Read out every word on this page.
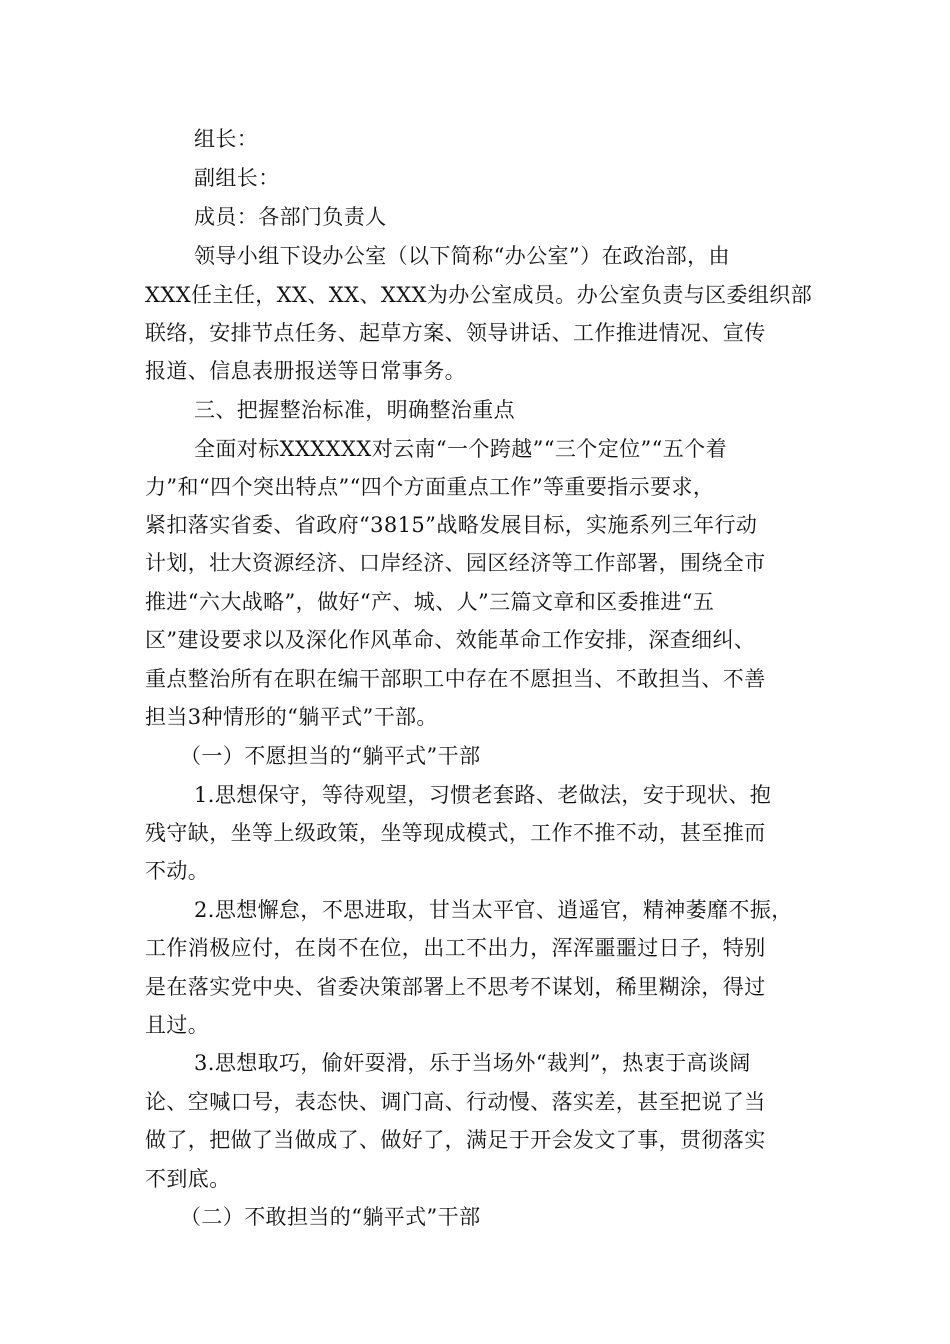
组长：
副组长：
成员：各部门负责人
领导小组下设办公室（以下简称“办公室”）在政治部，由
XXX任主任，XX、XX、XXX为办公室成员。办公室负责与区委组织部
联络，安排节点任务、起草方案、领导讲话、工作推进情况、宣传
报道、信息表册报送等日常事务。
三、把握整治标准，明确整治重点
全面对标XXXXXX对云南“一个跨越”“三个定位”“五个着
力”和“四个突出特点”“四个方面重点工作”等重要指示要求，
紧扣落实省委、省政府“3815”战略发展目标，实施系列三年行动
计划，壮大资源经济、口岸经济、园区经济等工作部署，围绕全市
推进“六大战略”，做好“产、城、人”三篇文章和区委推进“五
区”建设要求以及深化作风革命、效能革命工作安排，深查细纠、
重点整治所有在职在编干部职工中存在不愿担当、不敢担当、不善
担当3种情形的“躺平式”干部。
（一）不愿担当的“躺平式”干部
1.思想保守，等待观望，习惯老套路、老做法，安于现状、抱
残守缺，坐等上级政策，坐等现成模式，工作不推不动，甚至推而
不动。
2.思想懈怠，不思进取，甘当太平官、逍遥官，精神萎靡不振，
工作消极应付，在岗不在位，出工不出力，浑浑噩噩过日子，特别
是在落实党中央、省委决策部署上不思考不谋划，稀里糊涂，得过
且过。
3.思想取巧，偷奸耍滑，乐于当场外“裁判”，热衷于高谈阔
论、空喊口号，表态快、调门高、行动慢、落实差，甚至把说了当
做了，把做了当做成了、做好了，满足于开会发文了事，贯彻落实
不到底。
（二）不敢担当的“躺平式”干部
